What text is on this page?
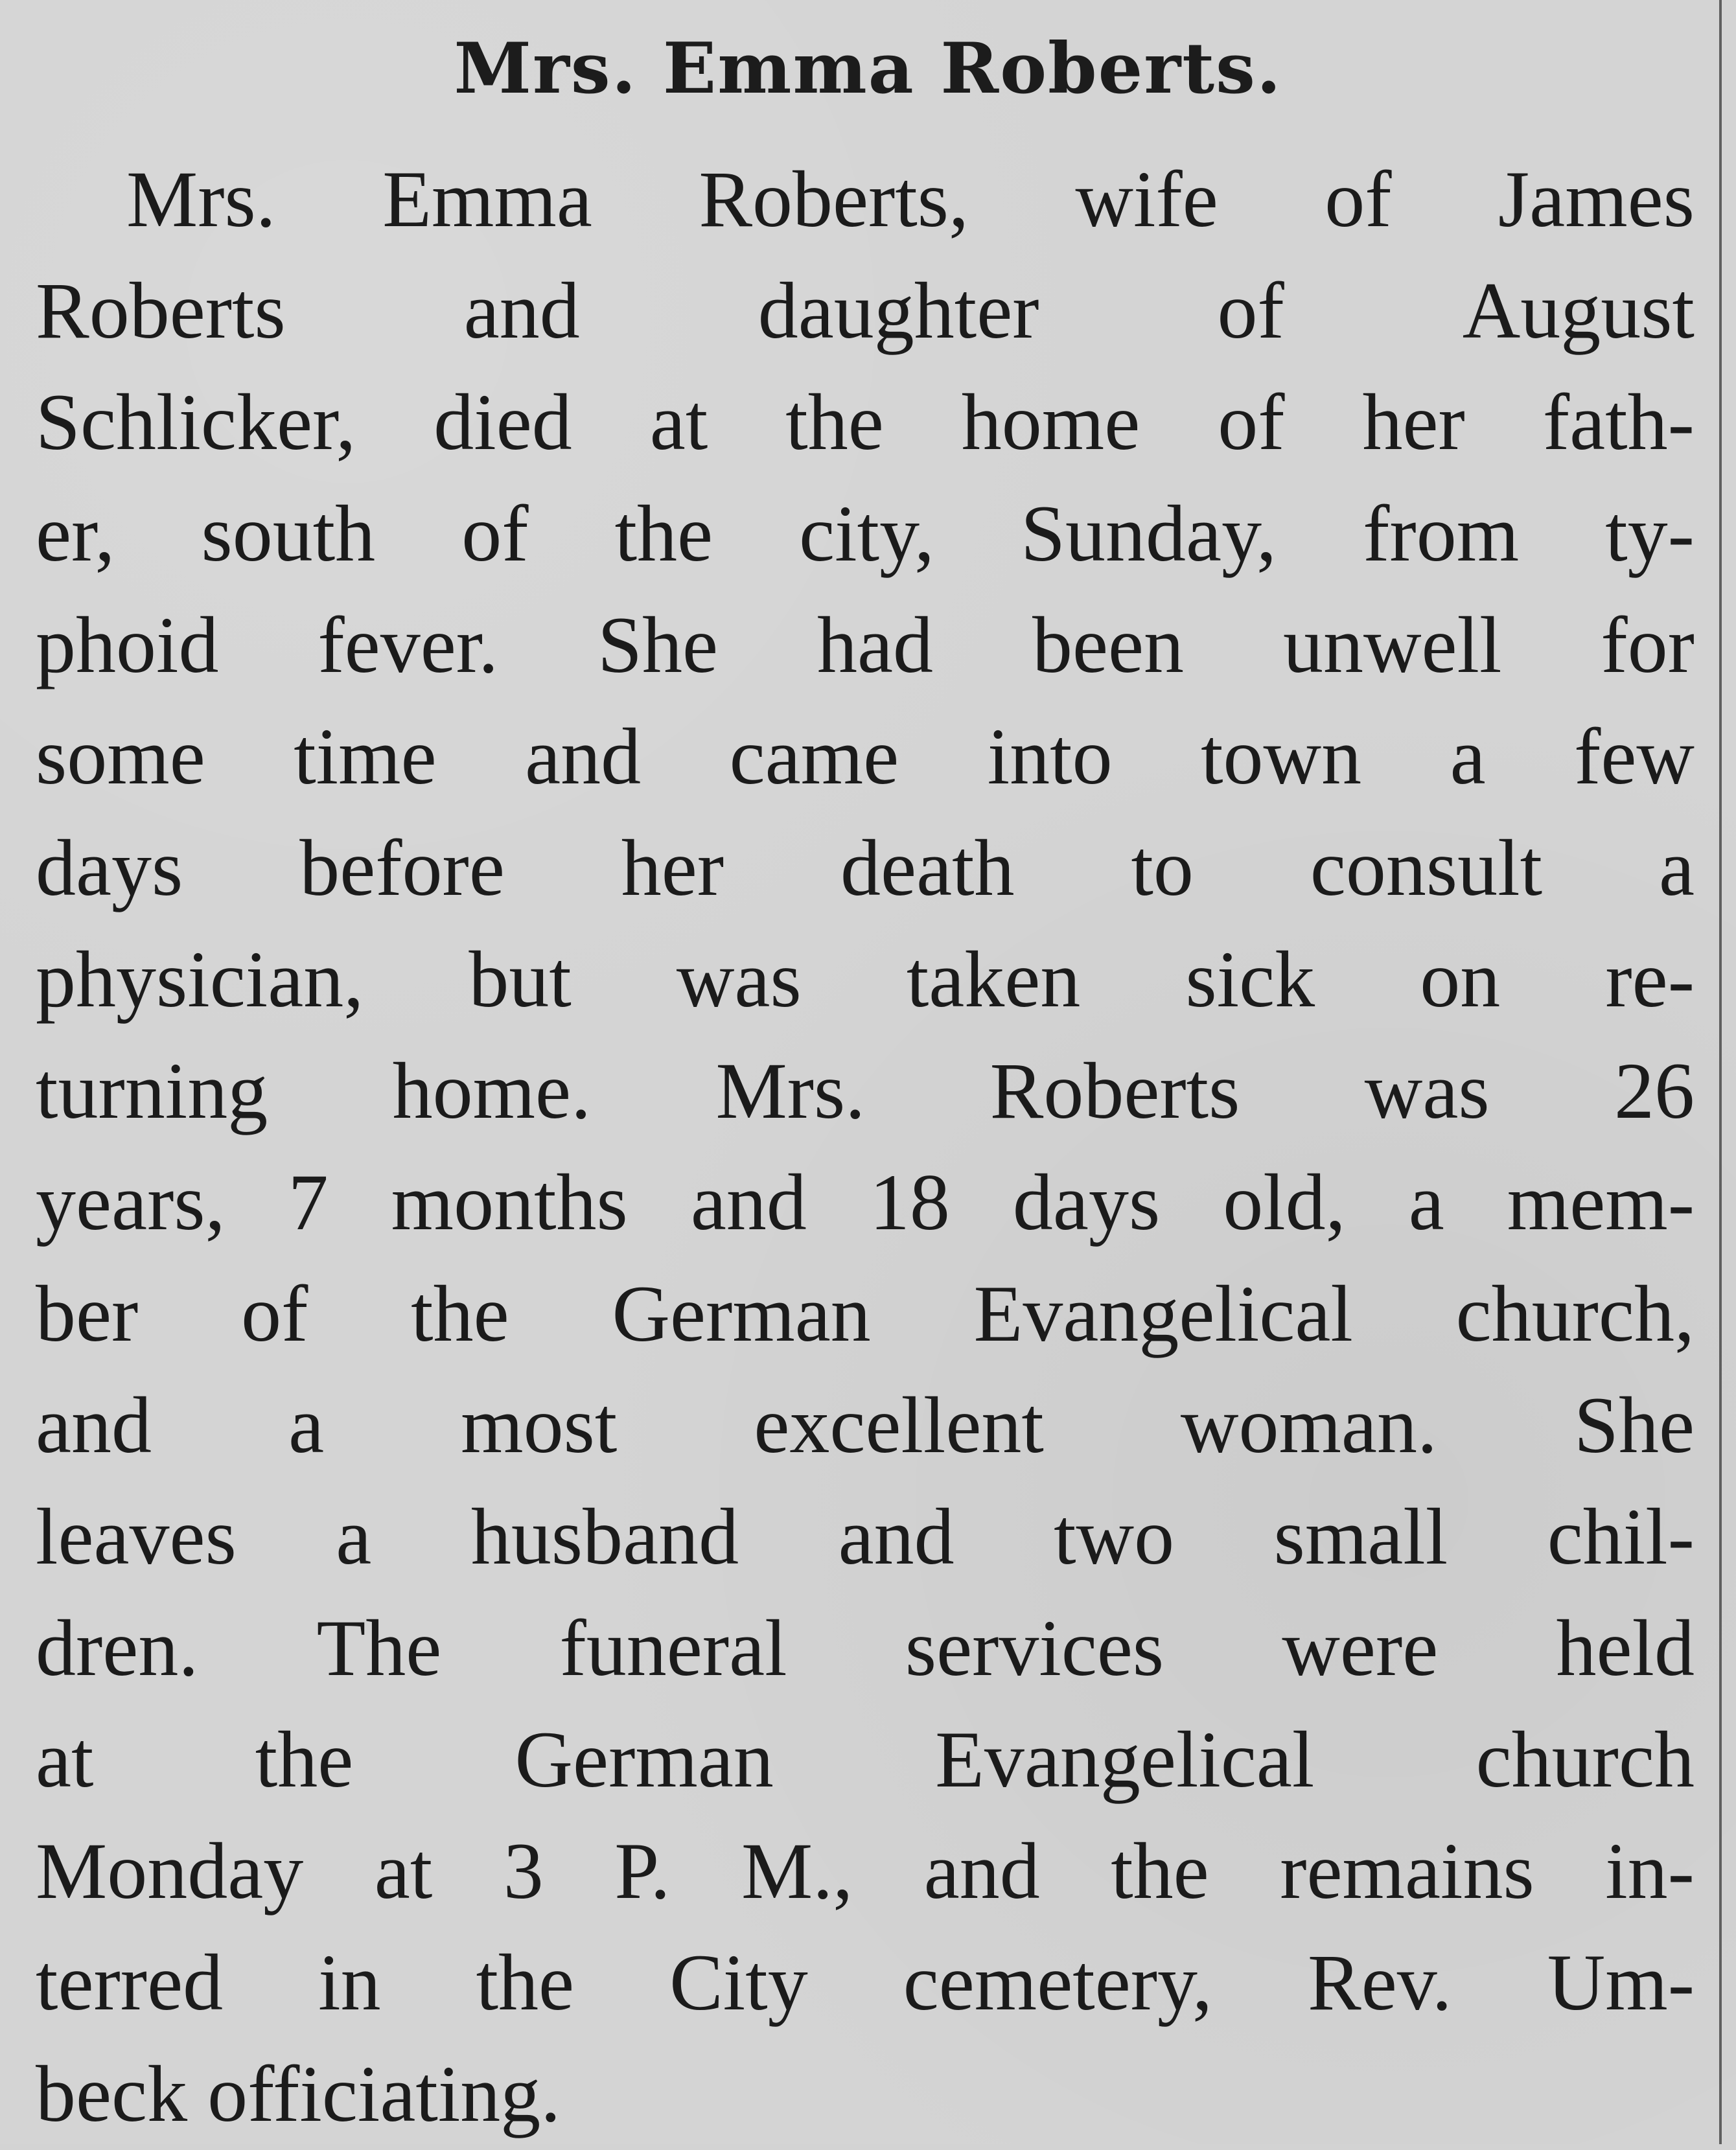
Mrs. Emma Roberts.
Mrs. Emma Roberts, wife of James
Roberts and daughter of August
Schlicker, died at the home of her fath-
er, south of the city, Sunday, from ty-
phoid fever. She had been unwell for
some time and came into town a few
days before her death to consult a
physician, but was taken sick on re-
turning home. Mrs. Roberts was 26
years, 7 months and 18 days old, a mem-
ber of the German Evangelical church,
and a most excellent woman. She
leaves a husband and two small chil-
dren. The funeral services were held
at the German Evangelical church
Monday at 3 P. M., and the remains in-
terred in the City cemetery, Rev. Um-
beck officiating.
